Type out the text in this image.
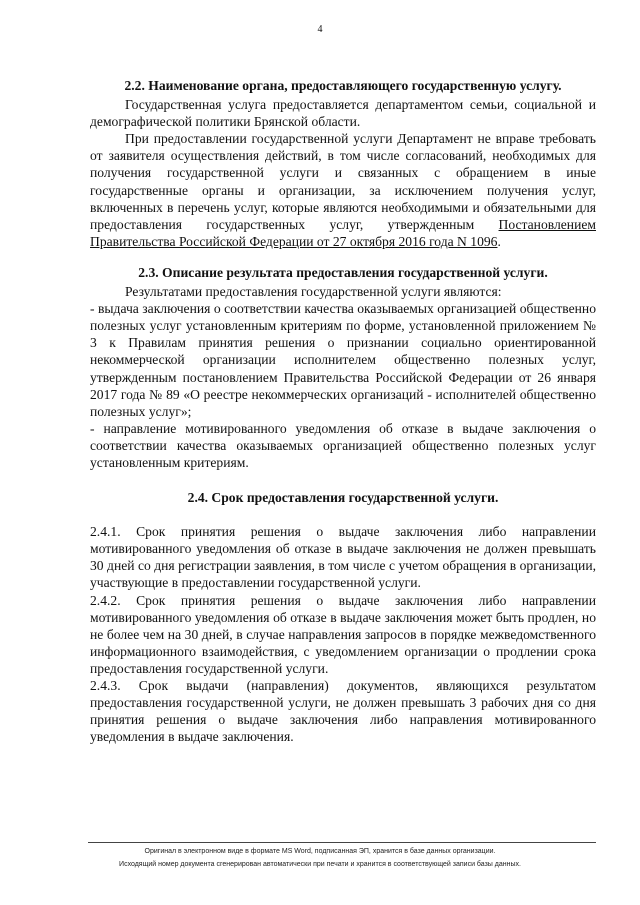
4

2.2. Наименование органа, предоставляющего государственную услугу.

Государственная услуга предоставляется департаментом семьи, социальной и демографической политики Брянской области.

При предоставлении государственной услуги Департамент не вправе требовать от заявителя осуществления действий, в том числе согласований, необходимых для получения государственной услуги и связанных с обращением в иные государственные органы и организации, за исключением получения услуг, включенных в перечень услуг, которые являются необходимыми и обязательными для предоставления государственных услуг, утвержденным Постановлением Правительства Российской Федерации от 27 октября 2016 года N 1096.

2.3. Описание результата предоставления государственной услуги.

Результатами предоставления государственной услуги являются:

- выдача заключения о соответствии качества оказываемых организацией общественно полезных услуг установленным критериям по форме, установленной приложением № 3 к Правилам принятия решения о признании социально ориентированной некоммерческой организации исполнителем общественно полезных услуг, утвержденным постановлением Правительства Российской Федерации от 26 января 2017 года № 89 «О реестре некоммерческих организаций - исполнителей общественно полезных услуг»;

- направление мотивированного уведомления об отказе в выдаче заключения о соответствии качества оказываемых организацией общественно полезных услуг установленным критериям.

2.4. Срок предоставления государственной услуги.

2.4.1. Срок принятия решения о выдаче заключения либо направлении мотивированного уведомления об отказе в выдаче заключения не должен превышать 30 дней со дня регистрации заявления, в том числе с учетом обращения в организации, участвующие в предоставлении государственной услуги.

2.4.2. Срок принятия решения о выдаче заключения либо направлении мотивированного уведомления об отказе в выдаче заключения может быть продлен, но не более чем на 30 дней, в случае направления запросов в порядке межведомственного информационного взаимодействия, с уведомлением организации о продлении срока предоставления государственной услуги.

2.4.3. Срок выдачи (направления) документов, являющихся результатом предоставления государственной услуги, не должен превышать 3 рабочих дня со дня принятия решения о выдаче заключения либо направления мотивированного уведомления в выдаче заключения.

Оригинал в электронном виде в формате MS Word, подписанная ЭП, хранится в базе данных организации.
Исходящий номер документа сгенерирован автоматически при печати и хранится в соответствующей записи базы данных.
